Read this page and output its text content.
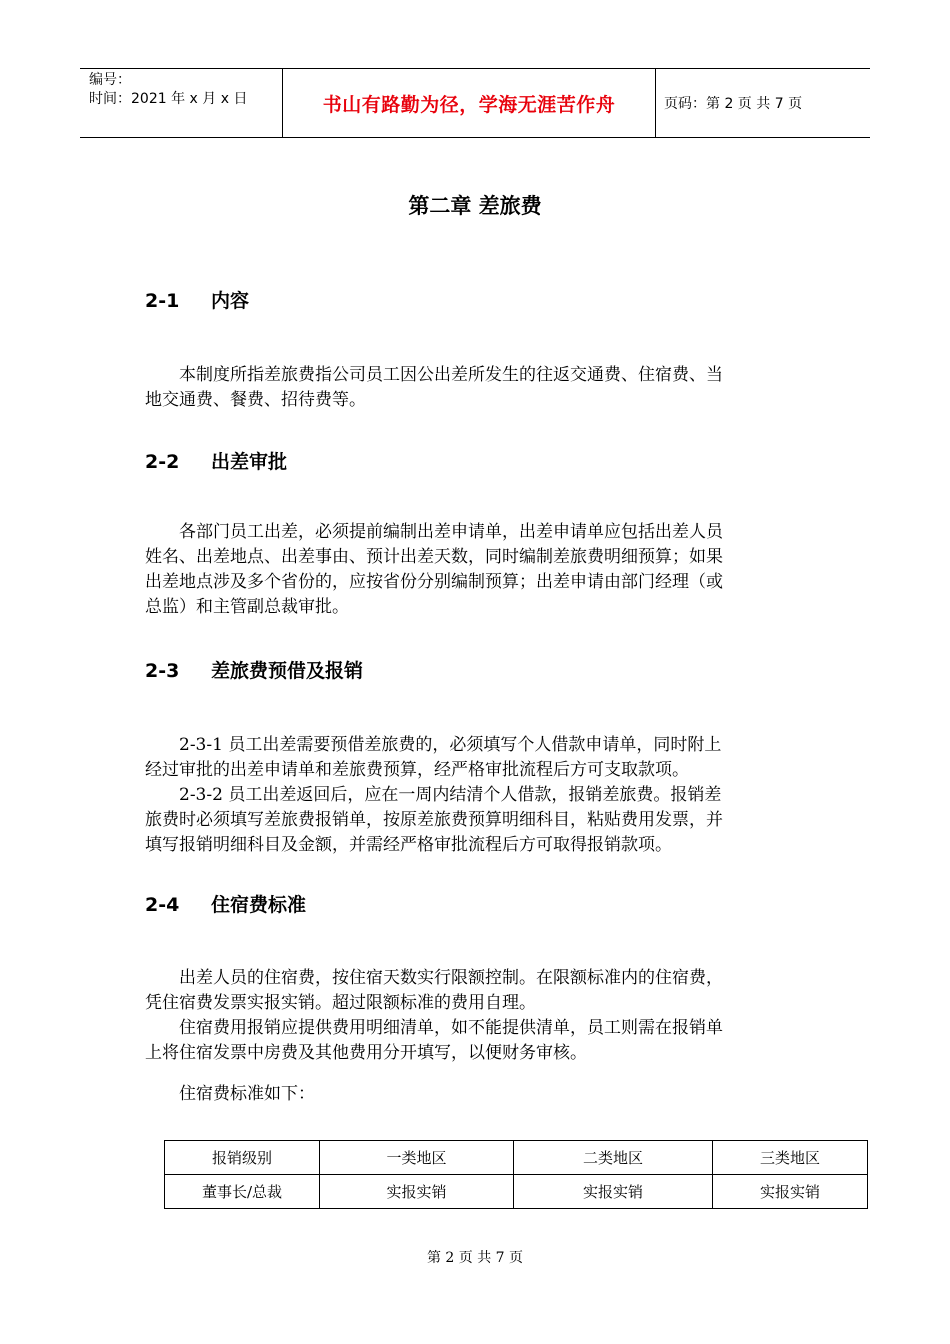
编号：
时间：2021 年 x 月 x 日	书山有路勤为径，学海无涯苦作舟	页码：第 2 页 共 7 页
第二章 差旅费
2-1 内容
本制度所指差旅费指公司员工因公出差所发生的往返交通费、住宿费、当
地交通费、餐费、招待费等。
2-2 出差审批
各部门员工出差，必须提前编制出差申请单，出差申请单应包括出差人员
姓名、出差地点、出差事由、预计出差天数，同时编制差旅费明细预算；如果
出差地点涉及多个省份的，应按省份分别编制预算；出差申请由部门经理（或
总监）和主管副总裁审批。
2-3 差旅费预借及报销
2-3-1 员工出差需要预借差旅费的，必须填写个人借款申请单，同时附上
经过审批的出差申请单和差旅费预算，经严格审批流程后方可支取款项。
2-3-2 员工出差返回后，应在一周内结清个人借款，报销差旅费。报销差
旅费时必须填写差旅费报销单，按原差旅费预算明细科目，粘贴费用发票，并
填写报销明细科目及金额，并需经严格审批流程后方可取得报销款项。
2-4 住宿费标准
出差人员的住宿费，按住宿天数实行限额控制。在限额标准内的住宿费，
凭住宿费发票实报实销。超过限额标准的费用自理。
住宿费用报销应提供费用明细清单，如不能提供清单，员工则需在报销单
上将住宿发票中房费及其他费用分开填写，以便财务审核。
住宿费标准如下：
报销级别	一类地区	二类地区	三类地区
董事长/总裁	实报实销	实报实销	实报实销
第 2 页 共 7 页
